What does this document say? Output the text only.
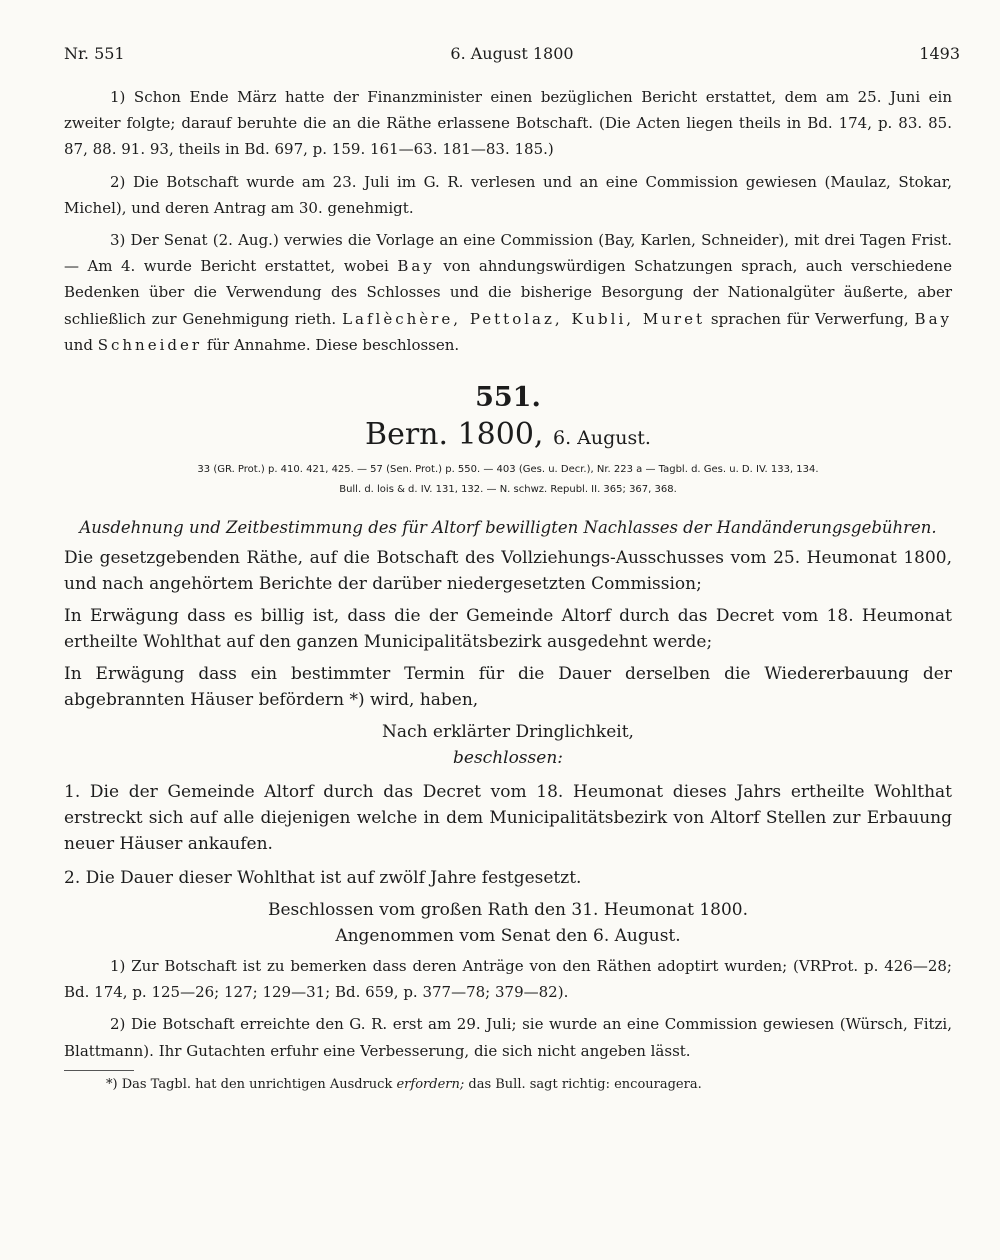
Nr. 551	6. August 1800	1493

1) Schon Ende März hatte der Finanzminister einen bezüglichen Bericht erstattet, dem am 25. Juni ein zweiter folgte; darauf beruhte die an die Räthe erlassene Botschaft. (Die Acten liegen theils in Bd. 174, p. 83. 85. 87, 88. 91. 93, theils in Bd. 697, p. 159. 161—63. 181—83. 185.)

2) Die Botschaft wurde am 23. Juli im G. R. verlesen und an eine Commission gewiesen (Maulaz, Stokar, Michel), und deren Antrag am 30. genehmigt.

3) Der Senat (2. Aug.) verwies die Vorlage an eine Commission (Bay, Karlen, Schneider), mit drei Tagen Frist. — Am 4. wurde Bericht erstattet, wobei Bay von ahndungswürdigen Schatzungen sprach, auch verschiedene Bedenken über die Verwendung des Schlosses und die bisherige Besorgung der Nationalgüter äußerte, aber schließlich zur Genehmigung rieth. Laflèchère, Pettolaz, Kubli, Muret sprachen für Verwerfung, Bay und Schneider für Annahme. Diese beschlossen.

551.
Bern. 1800, 6. August.
33 (GR. Prot.) p. 410. 421, 425. — 57 (Sen. Prot.) p. 550. — 403 (Ges. u. Decr.), Nr. 223 a — Tagbl. d. Ges. u. D. IV. 133, 134.
Bull. d. lois & d. IV. 131, 132. — N. schwz. Republ. II. 365; 367, 368.

Ausdehnung und Zeitbestimmung des für Altorf bewilligten Nachlasses der Handänderungsgebühren.

Die gesetzgebenden Räthe, auf die Botschaft des Vollziehungs-Ausschusses vom 25. Heumonat 1800, und nach angehörtem Berichte der darüber niedergesetzten Commission;

In Erwägung dass es billig ist, dass die der Gemeinde Altorf durch das Decret vom 18. Heumonat ertheilte Wohlthat auf den ganzen Municipalitätsbezirk ausgedehnt werde;

In Erwägung dass ein bestimmter Termin für die Dauer derselben die Wiedererbauung der abgebrannten Häuser befördern *) wird, haben,

Nach erklärter Dringlichkeit,

beschlossen:

1. Die der Gemeinde Altorf durch das Decret vom 18. Heumonat dieses Jahrs ertheilte Wohlthat erstreckt sich auf alle diejenigen welche in dem Municipalitätsbezirk von Altorf Stellen zur Erbauung neuer Häuser ankaufen.

2. Die Dauer dieser Wohlthat ist auf zwölf Jahre festgesetzt.

Beschlossen vom großen Rath den 31. Heumonat 1800.

Angenommen vom Senat den 6. August.

1) Zur Botschaft ist zu bemerken dass deren Anträge von den Räthen adoptirt wurden; (VRProt. p. 426—28; Bd. 174, p. 125—26; 127; 129—31; Bd. 659, p. 377—78; 379—82).

2) Die Botschaft erreichte den G. R. erst am 29. Juli; sie wurde an eine Commission gewiesen (Würsch, Fitzi, Blattmann). Ihr Gutachten erfuhr eine Verbesserung, die sich nicht angeben lässt.

*) Das Tagbl. hat den unrichtigen Ausdruck erfordern; das Bull. sagt richtig: encouragera.
